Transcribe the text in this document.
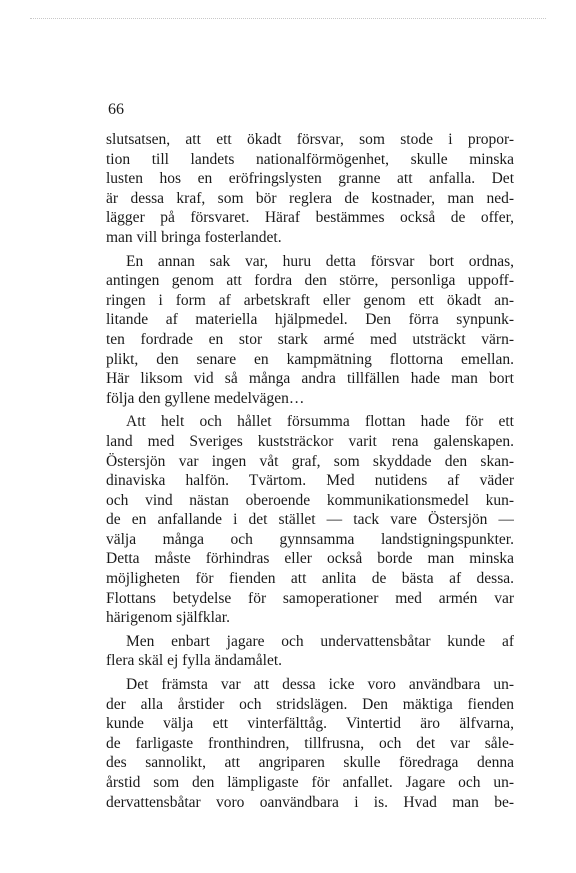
66
slutsatsen, att ett ökadt försvar, som stode i propor-
tion till landets nationalförmögenhet, skulle minska
lusten hos en eröfringslysten granne att anfalla. Det
är dessa kraf, som bör reglera de kostnader, man ned-
lägger på försvaret. Häraf bestämmes också de offer,
man vill bringa fosterlandet.
En annan sak var, huru detta försvar bort ordnas,
antingen genom att fordra den större, personliga uppoff-
ringen i form af arbetskraft eller genom ett ökadt an-
litande af materiella hjälpmedel. Den förra synpunk-
ten fordrade en stor stark armé med utsträckt värn-
plikt, den senare en kampmätning flottorna emellan.
Här liksom vid så många andra tillfällen hade man bort
följa den gyllene medelvägen…
Att helt och hållet försumma flottan hade för ett
land med Sveriges kuststräckor varit rena galenskapen.
Östersjön var ingen våt graf, som skyddade den skan-
dinaviska halfön. Tvärtom. Med nutidens af väder
och vind nästan oberoende kommunikationsmedel kun-
de en anfallande i det stället — tack vare Östersjön —
välja många och gynnsamma landstigningspunkter.
Detta måste förhindras eller också borde man minska
möjligheten för fienden att anlita de bästa af dessa.
Flottans betydelse för samoperationer med armén var
härigenom själfklar.
Men enbart jagare och undervattensbåtar kunde af
flera skäl ej fylla ändamålet.
Det främsta var att dessa icke voro användbara un-
der alla årstider och stridslägen. Den mäktiga fienden
kunde välja ett vinterfälttåg. Vintertid äro älfvarna,
de farligaste fronthindren, tillfrusna, och det var såle-
des sannolikt, att angriparen skulle föredraga denna
årstid som den lämpligaste för anfallet. Jagare och un-
dervattensbåtar voro oanvändbara i is. Hvad man be-
